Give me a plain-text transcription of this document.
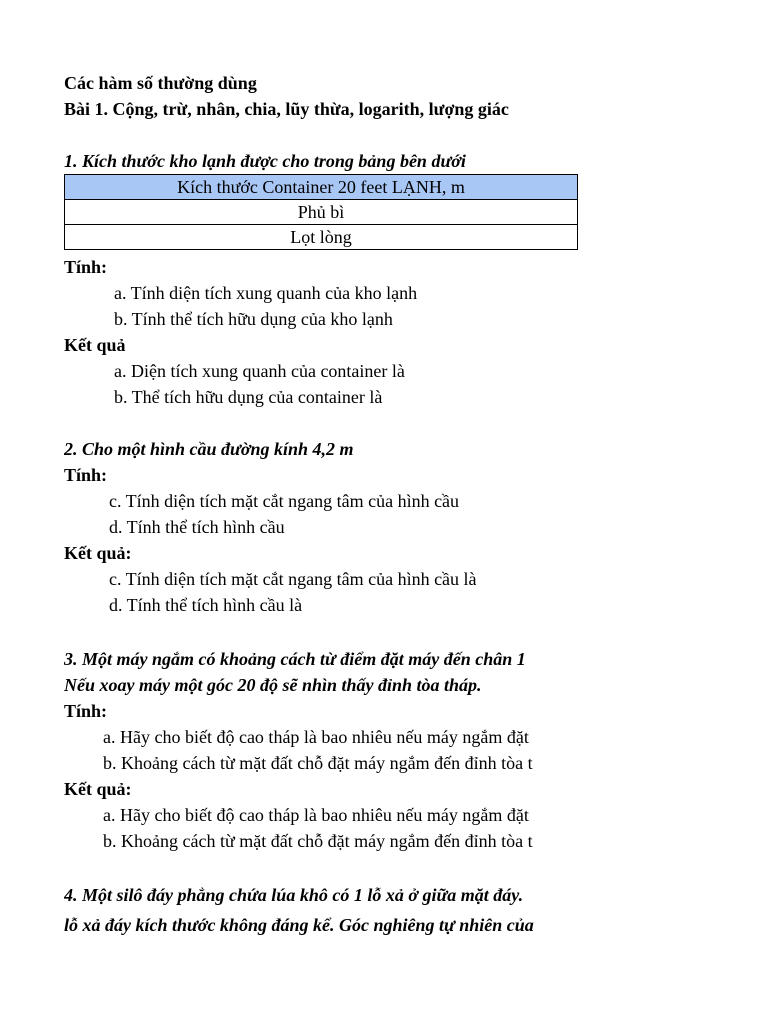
Các hàm số thường dùng
Bài 1. Cộng, trừ, nhân, chia, lũy thừa, logarith, lượng giác
1. Kích thước kho lạnh được cho trong bảng bên dưới
Kích thước Container 20 feet LẠNH, m
Phủ bì
Lọt lòng
Tính:
a. Tính diện tích xung quanh của kho lạnh
b. Tính thể tích hữu dụng của kho lạnh
Kết quả
a. Diện tích xung quanh của container là
b. Thể tích hữu dụng của container là
2. Cho một hình cầu đường kính 4,2 m
Tính:
c. Tính diện tích mặt cắt ngang tâm của hình cầu
d. Tính thể tích hình cầu
Kết quả:
c. Tính diện tích mặt cắt ngang tâm của hình cầu là
d. Tính thể tích hình cầu là
3. Một máy ngắm có khoảng cách từ điểm đặt máy đến chân 1
Nếu xoay máy một góc 20 độ sẽ nhìn thấy đỉnh tòa tháp.
Tính:
a. Hãy cho biết độ cao tháp là bao nhiêu nếu máy ngắm đặt
b. Khoảng cách từ mặt đất chỗ đặt máy ngắm đến đỉnh tòa t
Kết quả:
a. Hãy cho biết độ cao tháp là bao nhiêu nếu máy ngắm đặt
b. Khoảng cách từ mặt đất chỗ đặt máy ngắm đến đỉnh tòa t
4. Một silô đáy phẳng chứa lúa khô có 1 lỗ xả ở giữa mặt đáy.
lỗ xả đáy kích thước không đáng kể. Góc nghiêng tự nhiên của
